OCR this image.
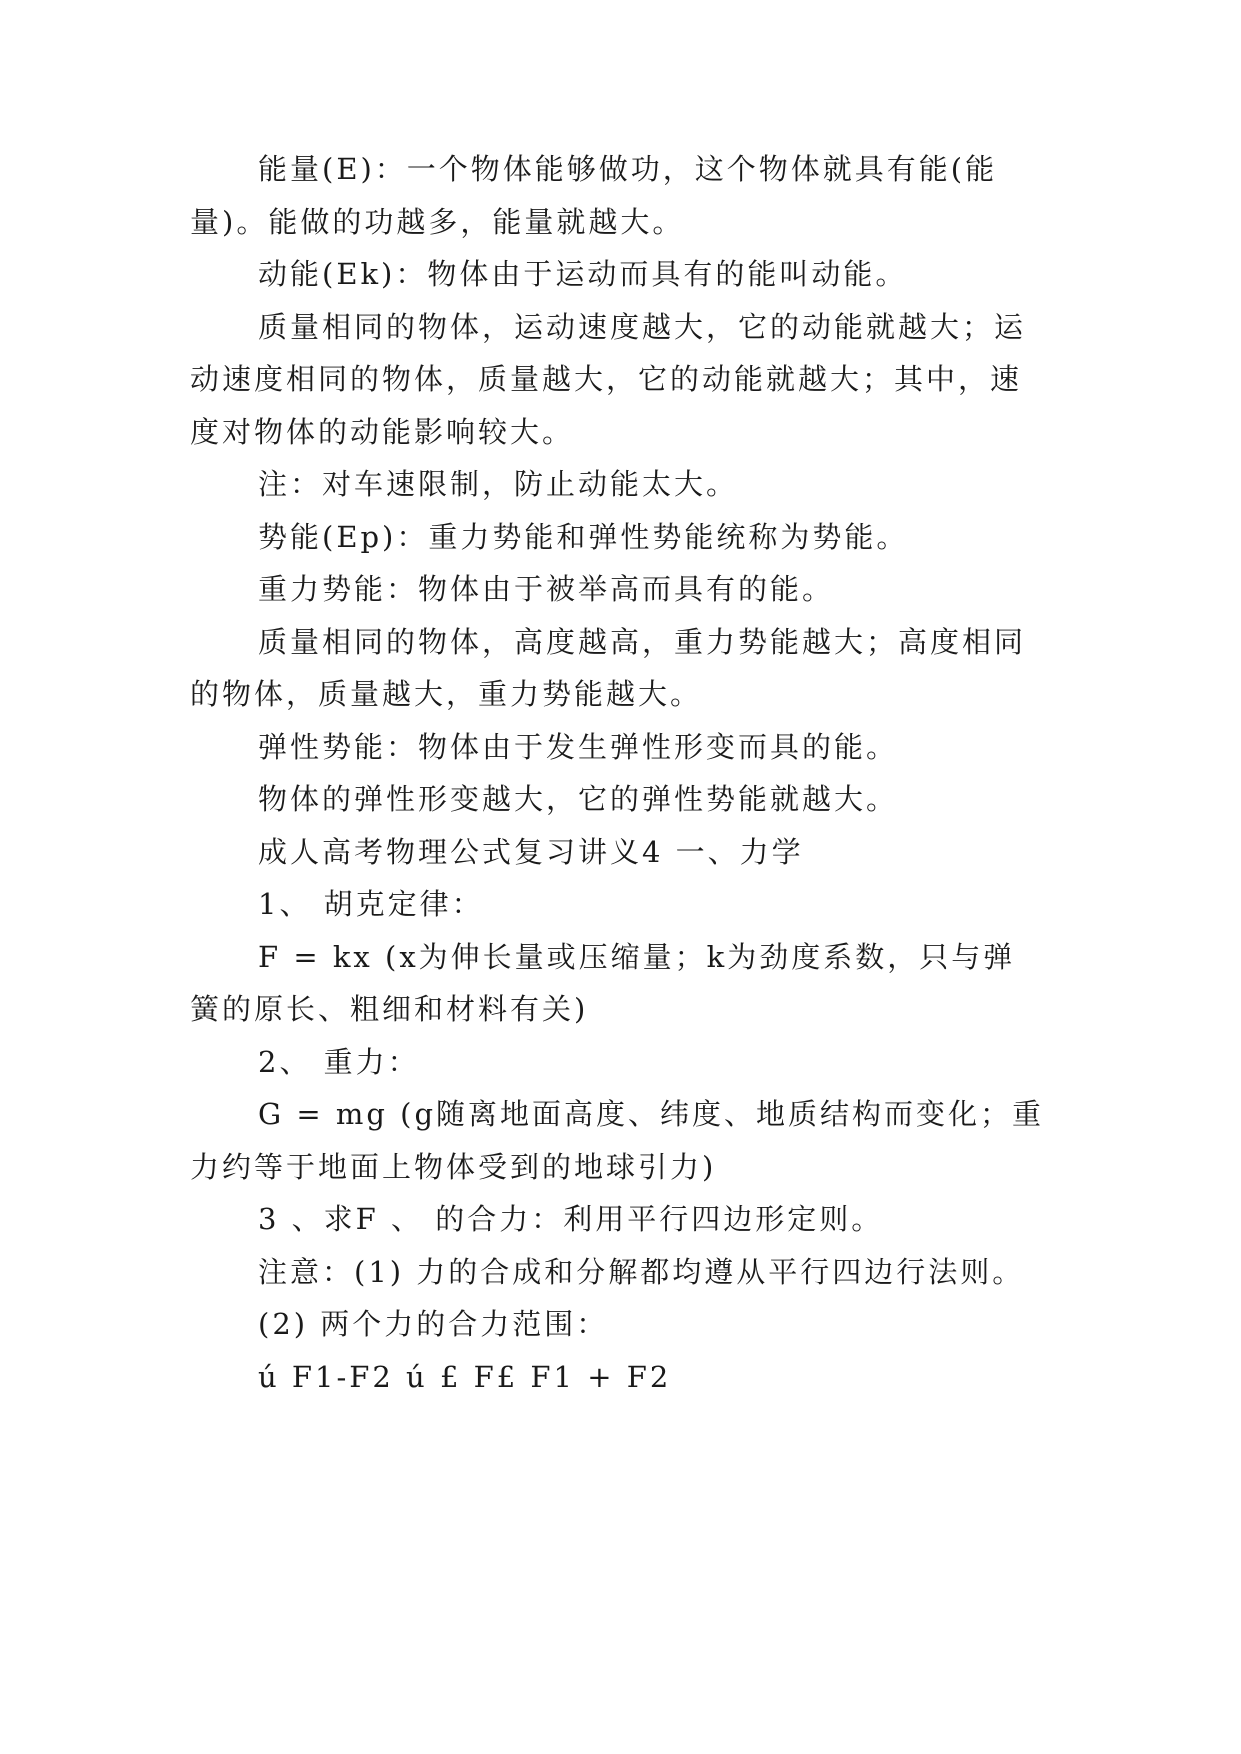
能量(E)：一个物体能够做功，这个物体就具有能(能
量)。能做的功越多，能量就越大。
动能(Ek)：物体由于运动而具有的能叫动能。
质量相同的物体，运动速度越大，它的动能就越大；运
动速度相同的物体，质量越大，它的动能就越大；其中，速
度对物体的动能影响较大。
注：对车速限制，防止动能太大。
势能(Ep)：重力势能和弹性势能统称为势能。
重力势能：物体由于被举高而具有的能。
质量相同的物体，高度越高，重力势能越大；高度相同
的物体，质量越大，重力势能越大。
弹性势能：物体由于发生弹性形变而具的能。
物体的弹性形变越大，它的弹性势能就越大。
成人高考物理公式复习讲义4 一、力学
1、 胡克定律：
F = kx (x为伸长量或压缩量；k为劲度系数，只与弹
簧的原长、粗细和材料有关)
2、 重力：
G = mg (g随离地面高度、纬度、地质结构而变化；重
力约等于地面上物体受到的地球引力)
3 、求F 、 的合力：利用平行四边形定则。
注意：(1) 力的合成和分解都均遵从平行四边行法则。
(2) 两个力的合力范围：
ú F1-F2 ú £ F£ F1 + F2
